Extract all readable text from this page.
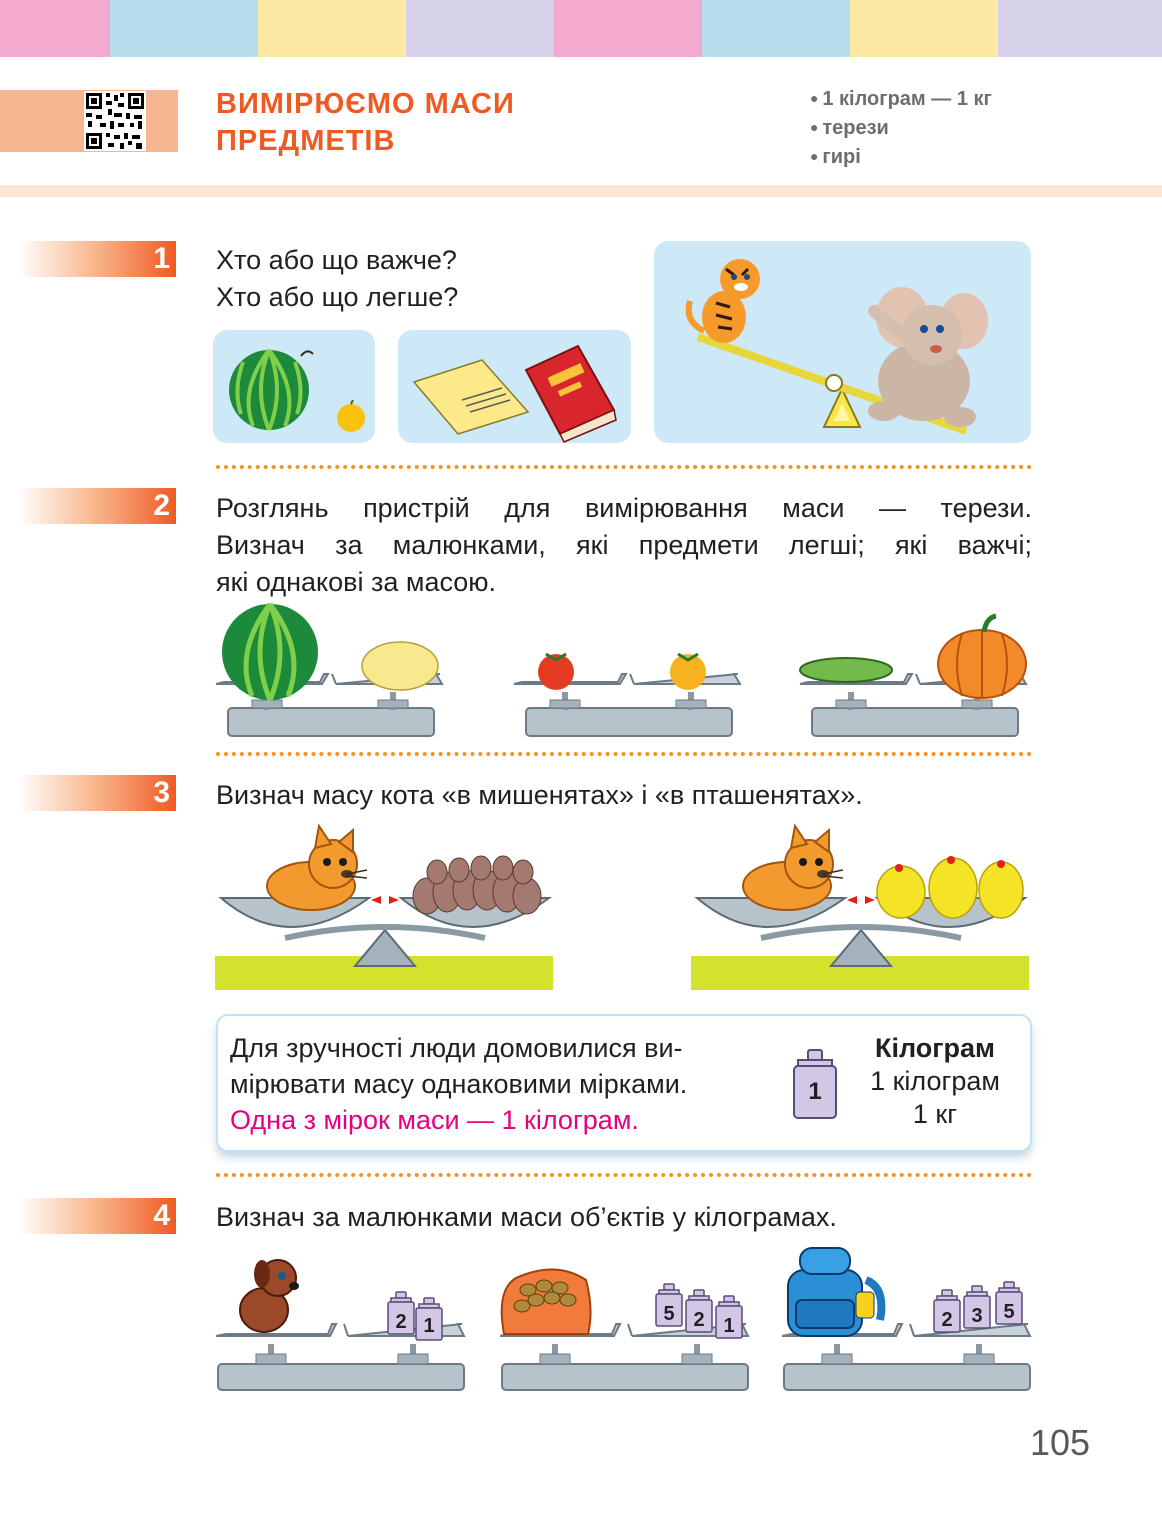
ВИМІРЮЄМО МАСИ
ПРЕДМЕТІВ
● 1 кілограм — 1 кг
● терези
● гирі
1 Хто або що важче?
Хто або що легше?
2 Розглянь пристрій для вимірювання маси — терези.
Визнач за малюнками, які предмети легші; які важчі;
які однакові за масою.
3 Визнач масу кота «в мишенятах» і «в пташенятах».
Для зручності люди домовилися ви-
мірювати масу однаковими мірками.
Одна з мірок маси — 1 кілограм.
1
Кілограм
1 кілограм
1 кг
4 Визнач за малюнками маси об’єктів у кілограмах.
2 1
5 2 1	2 3 5
105
